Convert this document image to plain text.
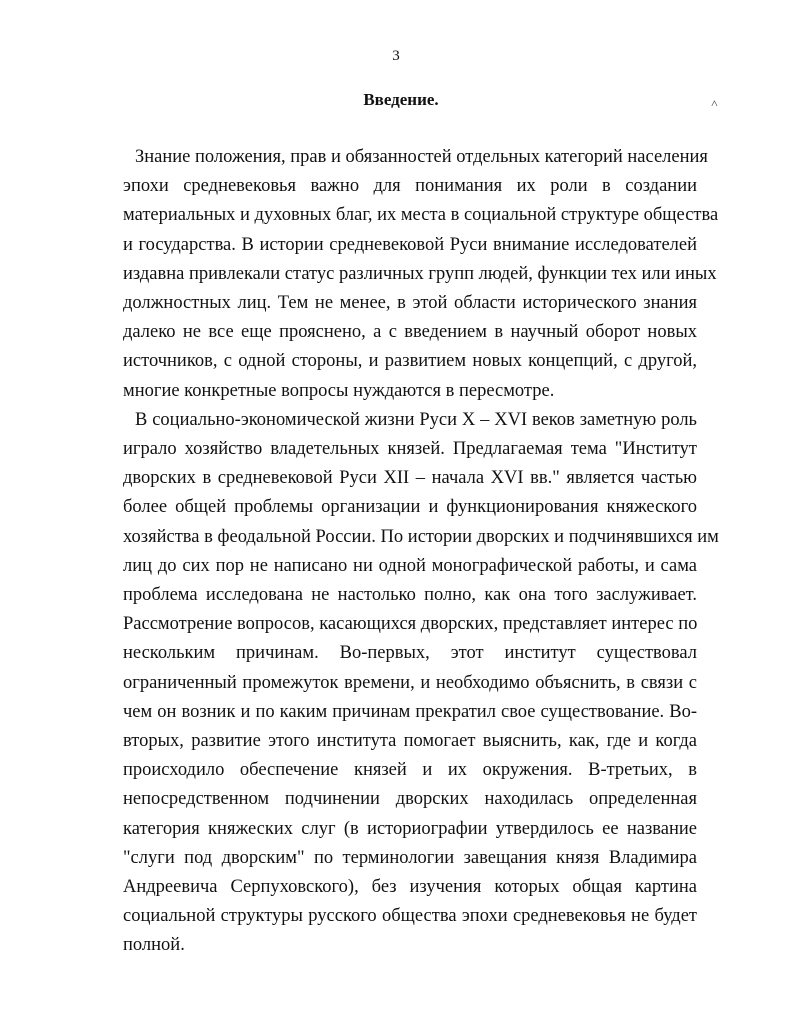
3
Введение.	˄
Знание положения, прав и обязанностей отдельных категорий населения
эпохи средневековья важно для понимания их роли в создании
материальных и духовных благ, их места в социальной структуре общества
и государства. В истории средневековой Руси внимание исследователей
издавна привлекали статус различных групп людей, функции тех или иных
должностных лиц. Тем не менее, в этой области исторического знания
далеко не все еще прояснено, а с введением в научный оборот новых
источников, с одной стороны, и развитием новых концепций, с другой,
многие конкретные вопросы нуждаются в пересмотре.
В социально-экономической жизни Руси X – XVI веков заметную роль
играло хозяйство владетельных князей. Предлагаемая тема "Институт
дворских в средневековой Руси XII – начала XVI вв." является частью
более общей проблемы организации и функционирования княжеского
хозяйства в феодальной России. По истории дворских и подчинявшихся им
лиц до сих пор не написано ни одной монографической работы, и сама
проблема исследована не настолько полно, как она того заслуживает.
Рассмотрение вопросов, касающихся дворских, представляет интерес по
нескольким причинам. Во-первых, этот институт существовал
ограниченный промежуток времени, и необходимо объяснить, в связи с
чем он возник и по каким причинам прекратил свое существование. Во-
вторых, развитие этого института помогает выяснить, как, где и когда
происходило обеспечение князей и их окружения. В-третьих, в
непосредственном подчинении дворских находилась определенная
категория княжеских слуг (в историографии утвердилось ее название
"слуги под дворским" по терминологии завещания князя Владимира
Андреевича Серпуховского), без изучения которых общая картина
социальной структуры русского общества эпохи средневековья не будет
полной.
